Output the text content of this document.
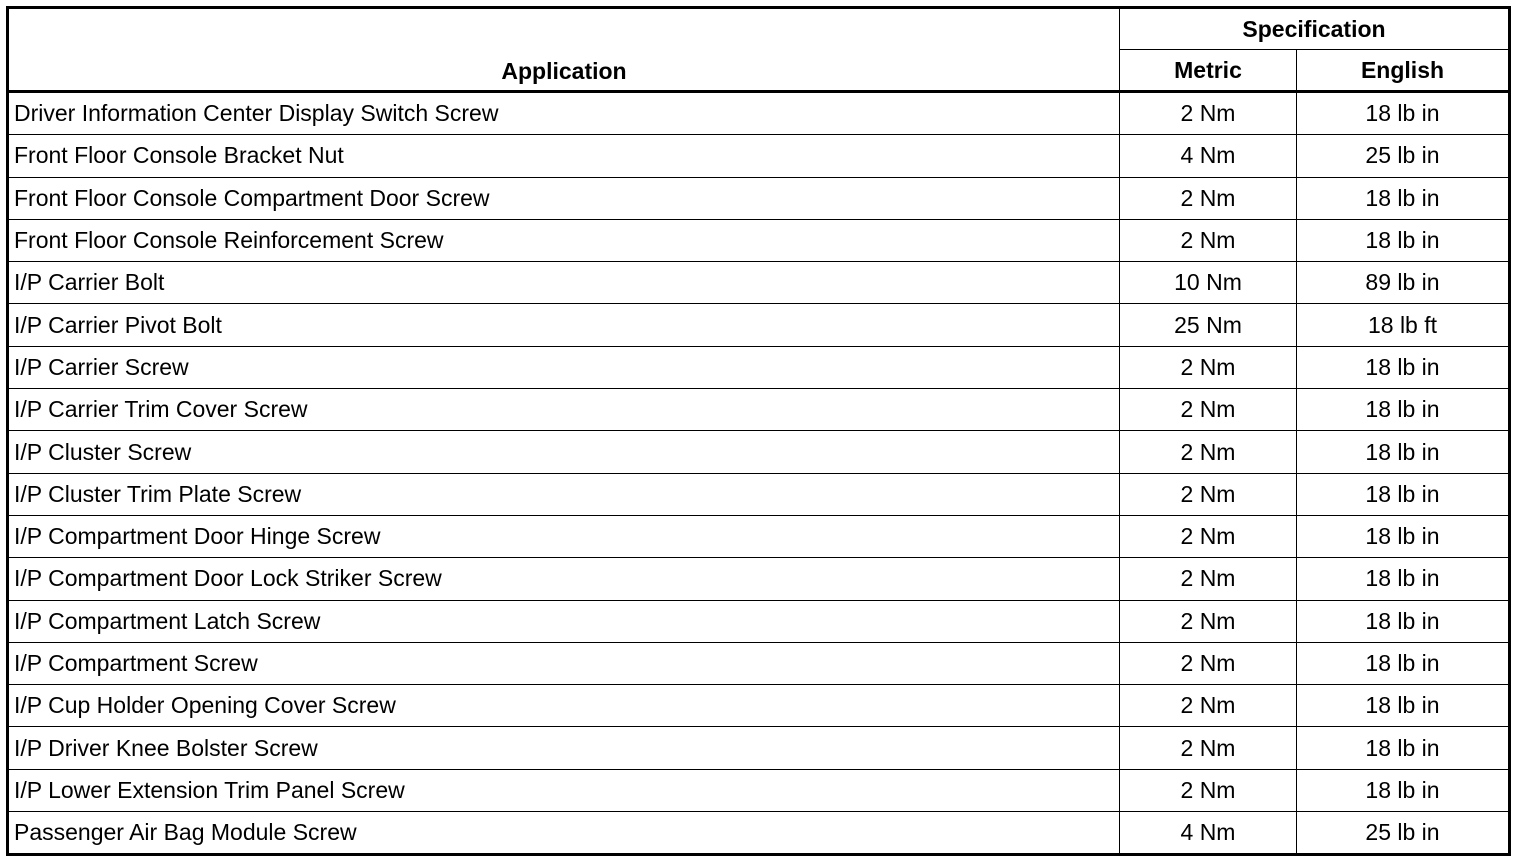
Application	Specification	
	Metric	English
Driver Information Center Display Switch Screw	2 Nm	18 lb in
Front Floor Console Bracket Nut	4 Nm	25 lb in
Front Floor Console Compartment Door Screw	2 Nm	18 lb in
Front Floor Console Reinforcement Screw	2 Nm	18 lb in
I/P Carrier Bolt	10 Nm	89 lb in
I/P Carrier Pivot Bolt	25 Nm	18 lb ft
I/P Carrier Screw	2 Nm	18 lb in
I/P Carrier Trim Cover Screw	2 Nm	18 lb in
I/P Cluster Screw	2 Nm	18 lb in
I/P Cluster Trim Plate Screw	2 Nm	18 lb in
I/P Compartment Door Hinge Screw	2 Nm	18 lb in
I/P Compartment Door Lock Striker Screw	2 Nm	18 lb in
I/P Compartment Latch Screw	2 Nm	18 lb in
I/P Compartment Screw	2 Nm	18 lb in
I/P Cup Holder Opening Cover Screw	2 Nm	18 lb in
I/P Driver Knee Bolster Screw	2 Nm	18 lb in
I/P Lower Extension Trim Panel Screw	2 Nm	18 lb in
Passenger Air Bag Module Screw	4 Nm	25 lb in
